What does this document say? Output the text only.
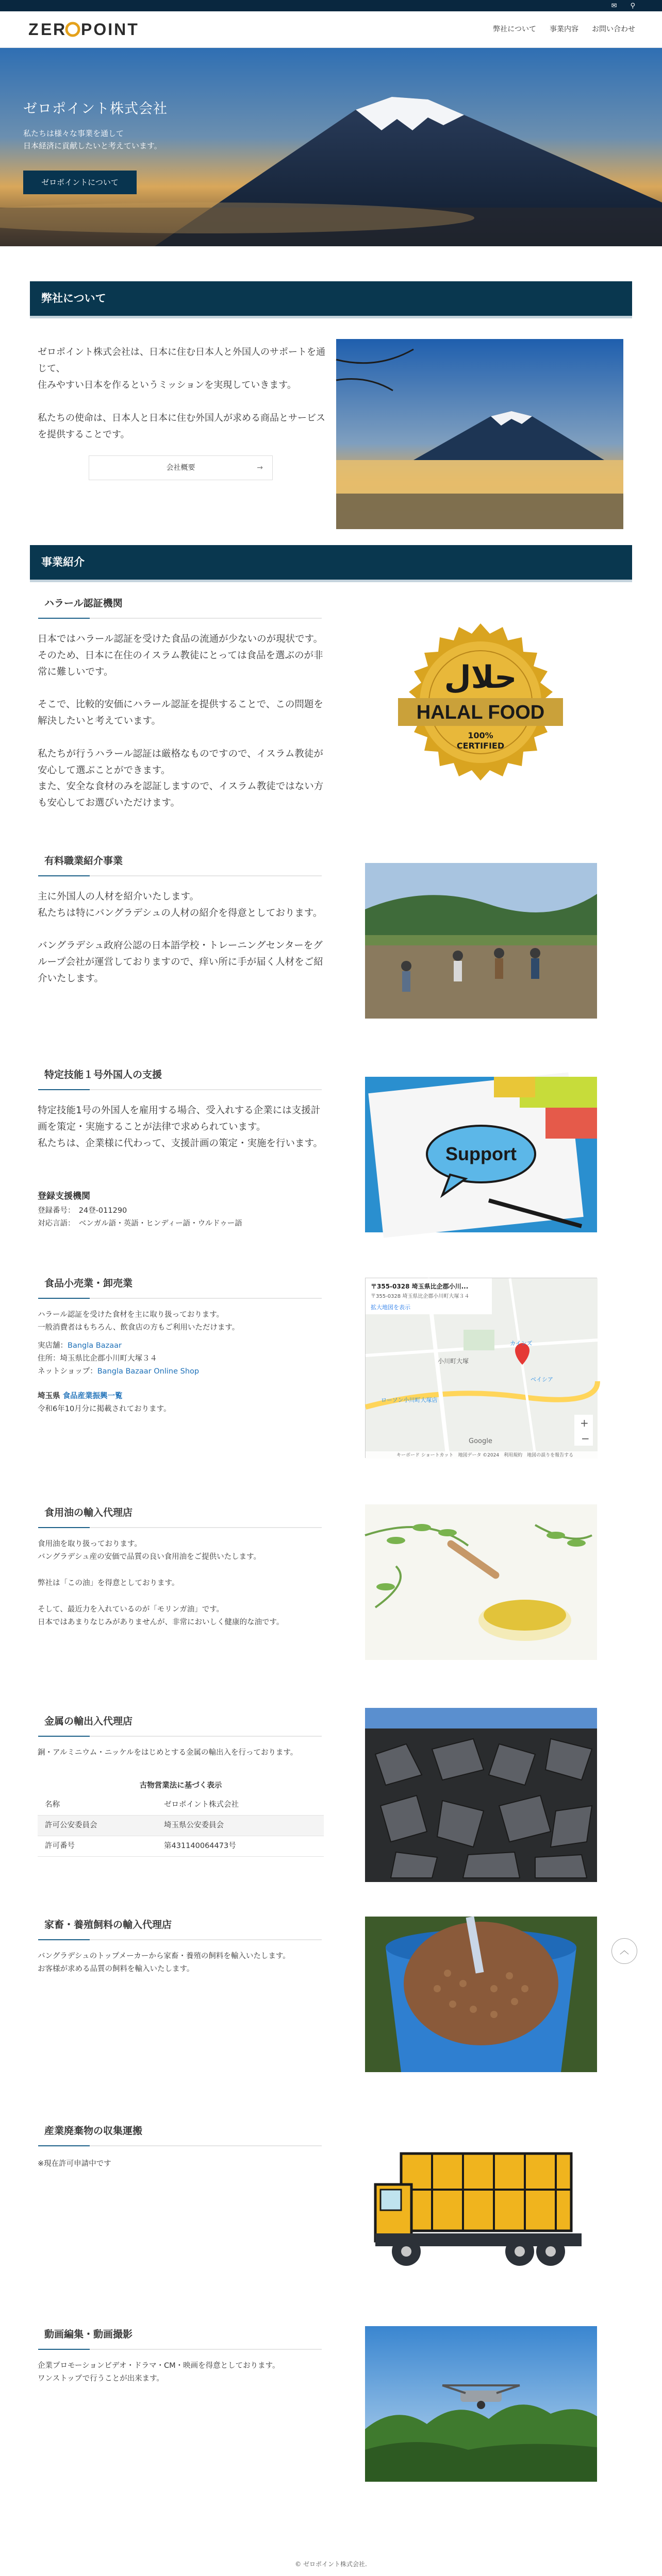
✉ ⚲
Z E R POINT	弊社について 事業内容 お問い合わせ
ゼロポイント株式会社
私たちは様々な事業を通して
日本経済に貢献したいと考えています。
ゼロポイントについて
弊社について
ゼロポイント株式会社は、日本に住む日本人と外国人のサポートを通じて、
住みやすい日本を作るというミッションを実現していきます。

私たちの使命は、日本人と日本に住む外国人が求める商品とサービスを提供することです。
会社概要	→
事業紹介
ハラール認証機関
日本ではハラール認証を受けた食品の流通が少ないのが現状です。そのため、日本に在住のイスラム教徒にとっては食品を選ぶのが非常に難しいです。

そこで、比較的安価にハラール認証を提供することで、この問題を解決したいと考えています。

私たちが行うハラール認証は厳格なものですので、イスラム教徒が安心して選ぶことができます。
また、安全な食材のみを認証しますので、イスラム教徒ではない方も安心してお選びいただけます。
حلال
HALAL FOOD
100%
CERTIFIED
有料職業紹介事業
主に外国人の人材を紹介いたします。
私たちは特にバングラデシュの人材の紹介を得意としております。

バングラデシュ政府公認の日本語学校・トレーニングセンターをグループ会社が運営しておりますので、痒い所に手が届く人材をご紹介いたします。
特定技能１号外国人の支援
特定技能1号の外国人を雇用する場合、受入れする企業には支援計画を策定・実施することが法律で求められています。
私たちは、企業様に代わって、支援計画の策定・実施を行います。
登録支援機関
登録番号：　24登-011290
対応言語：　ベンガル語・英語・ヒンディー語・ウルドゥー語
Support
食品小売業・卸売業
ハラール認証を受けた食材を主に取り扱っております。
一般消費者はもちろん、飲食店の方もご利用いただけます。
実店舗：Bangla Bazaar
住所：埼玉県比企郡小川町大塚３４
ネットショップ：Bangla Bazaar Online Shop
埼玉県 食品産業振興一覧
令和6年10月分に掲載されております。
〒355-0328 埼玉県比企郡小川...
〒355-0328 埼玉県比企郡小川町大塚３４
拡大地図を表示
小川町大塚
ローソン小川町大塚店
ベイシア
カインズ
Google
+
−
キーボード ショートカット　地図データ ©2024　利用規約　地図の誤りを報告する
食用油の輸入代理店
食用油を取り扱っております。
バングラデシュ産の安価で品質の良い食用油をご提供いたします。

弊社は「この油」を得意としております。

そして、最近力を入れているのが「モリンガ油」です。
日本ではあまりなじみがありませんが、非常においしく健康的な油です。
金属の輸出入代理店
銅・アルミニウム・ニッケルをはじめとする金属の輸出入を行っております。
古物営業法に基づく表示
名称	ゼロポイント株式会社
許可公安委員会	埼玉県公安委員会
許可番号	第431140064473号
家畜・養殖飼料の輸入代理店
バングラデシュのトップメーカーから家畜・養殖の飼料を輸入いたします。
お客様が求める品質の飼料を輸入いたします。
産業廃棄物の収集運搬
※現在許可申請中です
動画編集・動画撮影
企業プロモーションビデオ・ドラマ・CM・映画を得意としております。
ワンストップで行うことが出来ます。
︿
© ゼロポイント株式会社.
